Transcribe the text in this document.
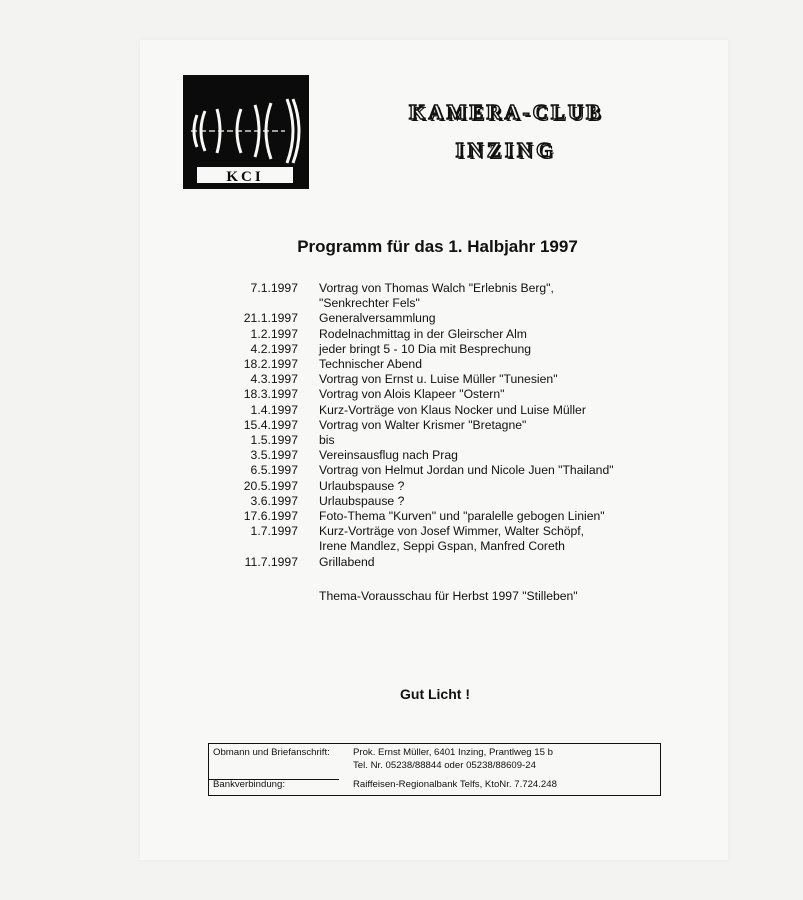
KCI
KAMERA-CLUB
INZING
Programm für das 1. Halbjahr 1997
7.1.1997 Vortrag von Thomas Walch "Erlebnis Berg",
"Senkrechter Fels"
21.1.1997 Generalversammlung
1.2.1997 Rodelnachmittag in der Gleirscher Alm
4.2.1997 jeder bringt 5 - 10 Dia mit Besprechung
18.2.1997 Technischer Abend
4.3.1997 Vortrag von Ernst u. Luise Müller "Tunesien"
18.3.1997 Vortrag von Alois Klapeer "Ostern"
1.4.1997 Kurz-Vorträge von Klaus Nocker und Luise Müller
15.4.1997 Vortrag von Walter Krismer "Bretagne"
1.5.1997 bis
3.5.1997 Vereinsausflug nach Prag
6.5.1997 Vortrag von Helmut Jordan und Nicole Juen "Thailand"
20.5.1997 Urlaubspause ?
3.6.1997 Urlaubspause ?
17.6.1997 Foto-Thema "Kurven" und "paralelle gebogen Linien"
1.7.1997 Kurz-Vorträge von Josef Wimmer, Walter Schöpf,
Irene Mandlez, Seppi Gspan, Manfred Coreth
11.7.1997 Grillabend
Thema-Vorausschau für Herbst 1997 "Stilleben"
Gut Licht !
Obmann und Briefanschrift: Prok. Ernst Müller, 6401 Inzing, Prantlweg 15 b
Tel. Nr. 05238/88844 oder 05238/88609-24
Bankverbindung:	Raiffeisen-Regionalbank Telfs, KtoNr. 7.724.248
